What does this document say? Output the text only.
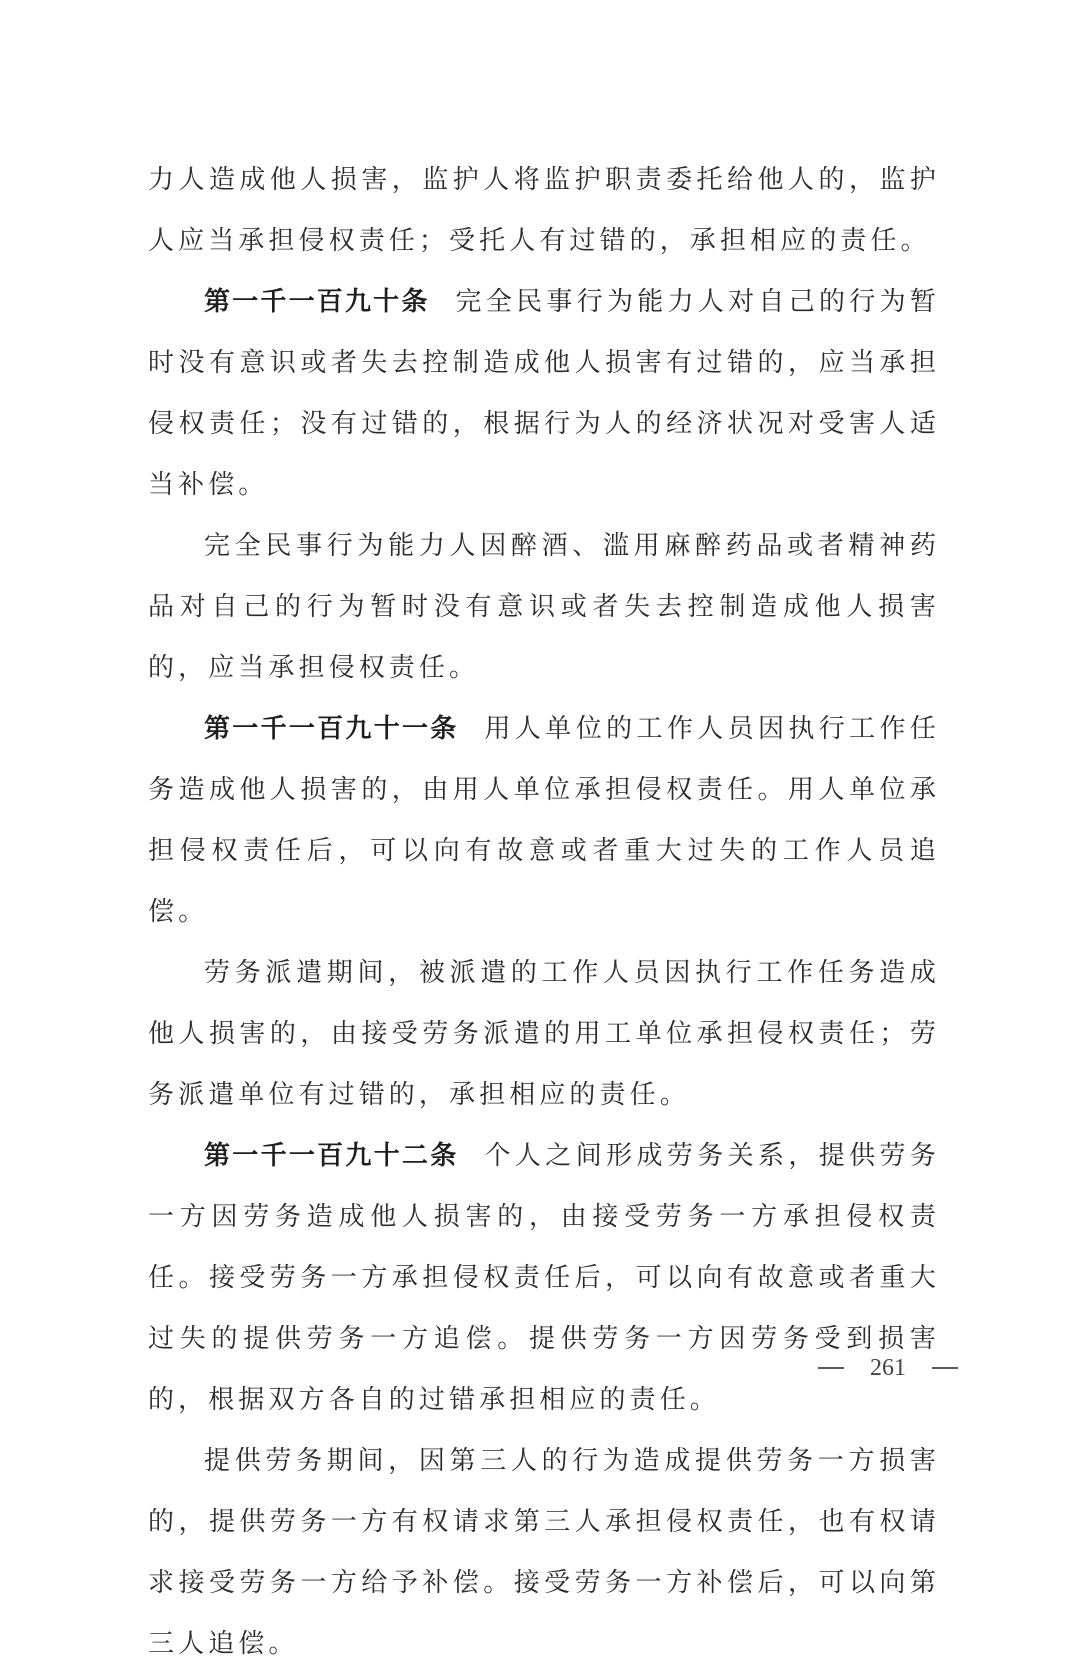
力人造成他人损害，监护人将监护职责委托给他人的，监护人应当承担侵权责任；受托人有过错的，承担相应的责任。

第一千一百九十条 完全民事行为能力人对自己的行为暂时没有意识或者失去控制造成他人损害有过错的，应当承担侵权责任；没有过错的，根据行为人的经济状况对受害人适当补偿。

完全民事行为能力人因醉酒、滥用麻醉药品或者精神药品对自己的行为暂时没有意识或者失去控制造成他人损害的，应当承担侵权责任。

第一千一百九十一条 用人单位的工作人员因执行工作任务造成他人损害的，由用人单位承担侵权责任。用人单位承担侵权责任后，可以向有故意或者重大过失的工作人员追偿。

劳务派遣期间，被派遣的工作人员因执行工作任务造成他人损害的，由接受劳务派遣的用工单位承担侵权责任；劳务派遣单位有过错的，承担相应的责任。

第一千一百九十二条 个人之间形成劳务关系，提供劳务一方因劳务造成他人损害的，由接受劳务一方承担侵权责任。接受劳务一方承担侵权责任后，可以向有故意或者重大过失的提供劳务一方追偿。提供劳务一方因劳务受到损害的，根据双方各自的过错承担相应的责任。

提供劳务期间，因第三人的行为造成提供劳务一方损害的，提供劳务一方有权请求第三人承担侵权责任，也有权请求接受劳务一方给予补偿。接受劳务一方补偿后，可以向第三人追偿。

261
